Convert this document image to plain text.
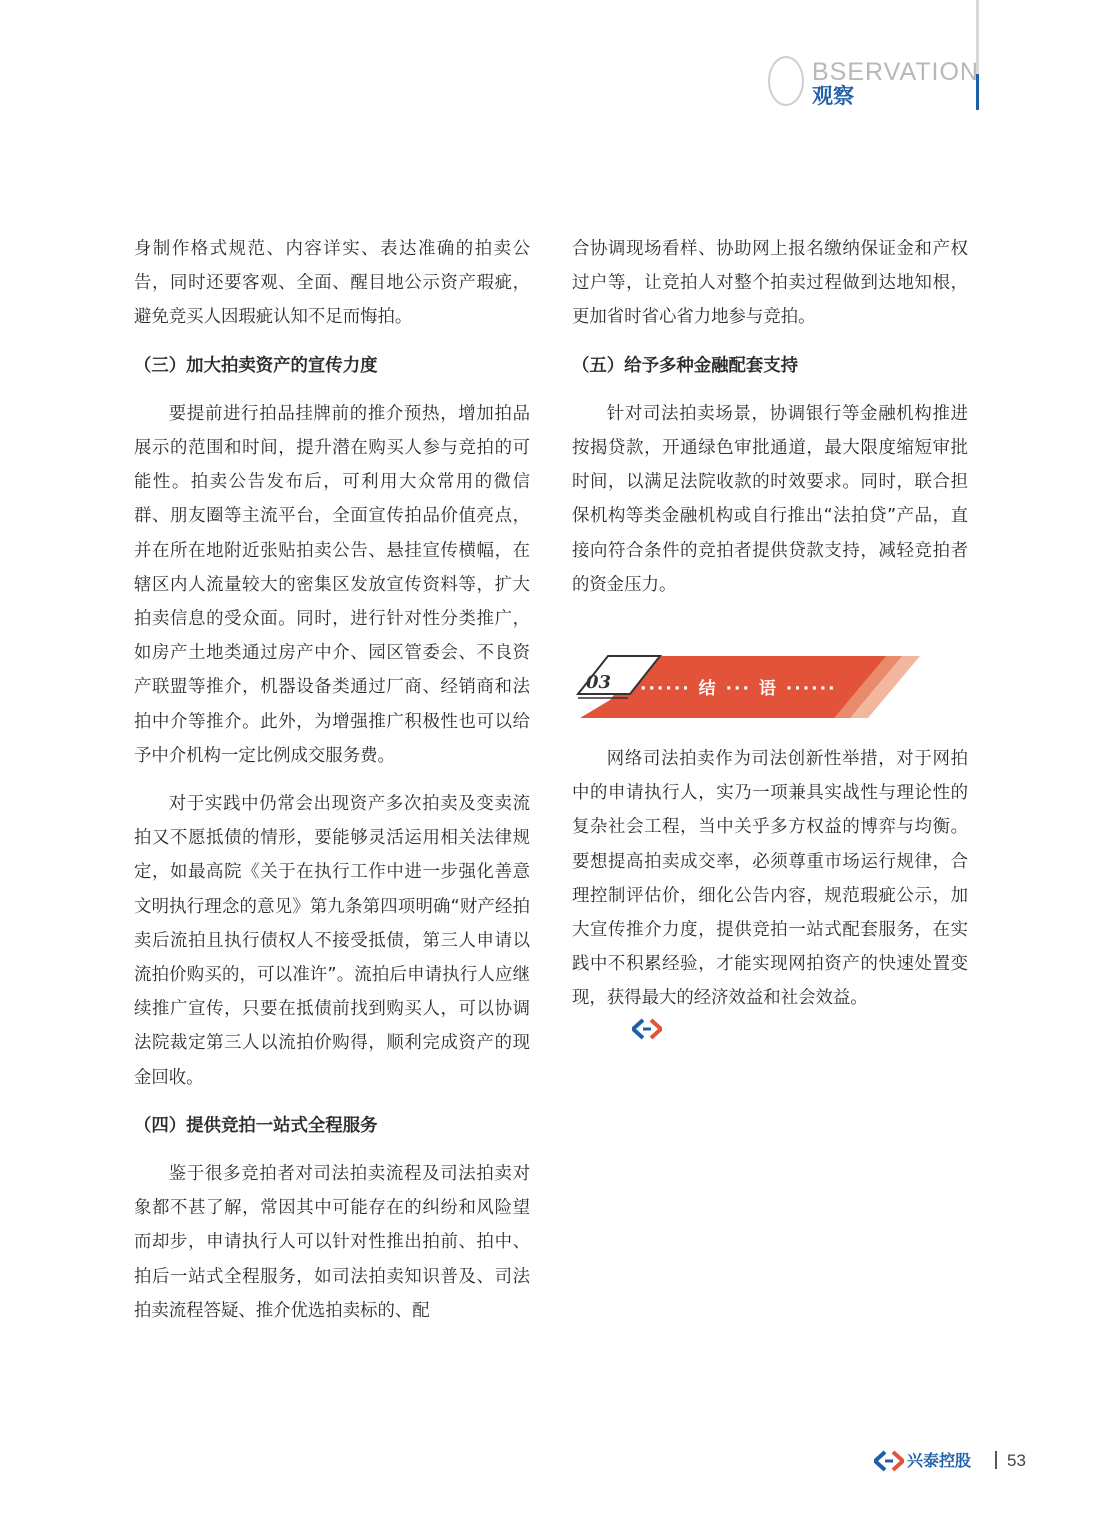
BSERVATION
观察

身制作格式规范、内容详实、表达准确的拍卖公告，同时还要客观、全面、醒目地公示资产瑕疵，避免竞买人因瑕疵认知不足而悔拍。

（三）加大拍卖资产的宣传力度

要提前进行拍品挂牌前的推介预热，增加拍品展示的范围和时间，提升潜在购买人参与竞拍的可能性。拍卖公告发布后，可利用大众常用的微信群、朋友圈等主流平台，全面宣传拍品价值亮点，并在所在地附近张贴拍卖公告、悬挂宣传横幅，在辖区内人流量较大的密集区发放宣传资料等，扩大拍卖信息的受众面。同时，进行针对性分类推广，如房产土地类通过房产中介、园区管委会、不良资产联盟等推介，机器设备类通过厂商、经销商和法拍中介等推介。此外，为增强推广积极性也可以给予中介机构一定比例成交服务费。

对于实践中仍常会出现资产多次拍卖及变卖流拍又不愿抵债的情形，要能够灵活运用相关法律规定，如最高院《关于在执行工作中进一步强化善意文明执行理念的意见》第九条第四项明确“财产经拍卖后流拍且执行债权人不接受抵债，第三人申请以流拍价购买的，可以准许”。流拍后申请执行人应继续推广宣传，只要在抵债前找到购买人，可以协调法院裁定第三人以流拍价购得，顺利完成资产的现金回收。

（四）提供竞拍一站式全程服务

鉴于很多竞拍者对司法拍卖流程及司法拍卖对象都不甚了解，常因其中可能存在的纠纷和风险望而却步，申请执行人可以针对性推出拍前、拍中、拍后一站式全程服务，如司法拍卖知识普及、司法拍卖流程答疑、推介优选拍卖标的、配

合协调现场看样、协助网上报名缴纳保证金和产权过户等，让竞拍人对整个拍卖过程做到达地知根，更加省时省心省力地参与竞拍。

（五）给予多种金融配套支持

针对司法拍卖场景，协调银行等金融机构推进按揭贷款，开通绿色审批通道，最大限度缩短审批时间，以满足法院收款的时效要求。同时，联合担保机构等类金融机构或自行推出“法拍贷”产品，直接向符合条件的竞拍者提供贷款支持，减轻竞拍者的资金压力。

03 ······ 结 ··· 语 ······

网络司法拍卖作为司法创新性举措，对于网拍中的申请执行人，实乃一项兼具实战性与理论性的复杂社会工程，当中关乎多方权益的博弈与均衡。要想提高拍卖成交率，必须尊重市场运行规律，合理控制评估价，细化公告内容，规范瑕疵公示，加大宣传推介力度，提供竞拍一站式配套服务，在实践中不积累经验，才能实现网拍资产的快速处置变现，获得最大的经济效益和社会效益。

兴泰控股 53
